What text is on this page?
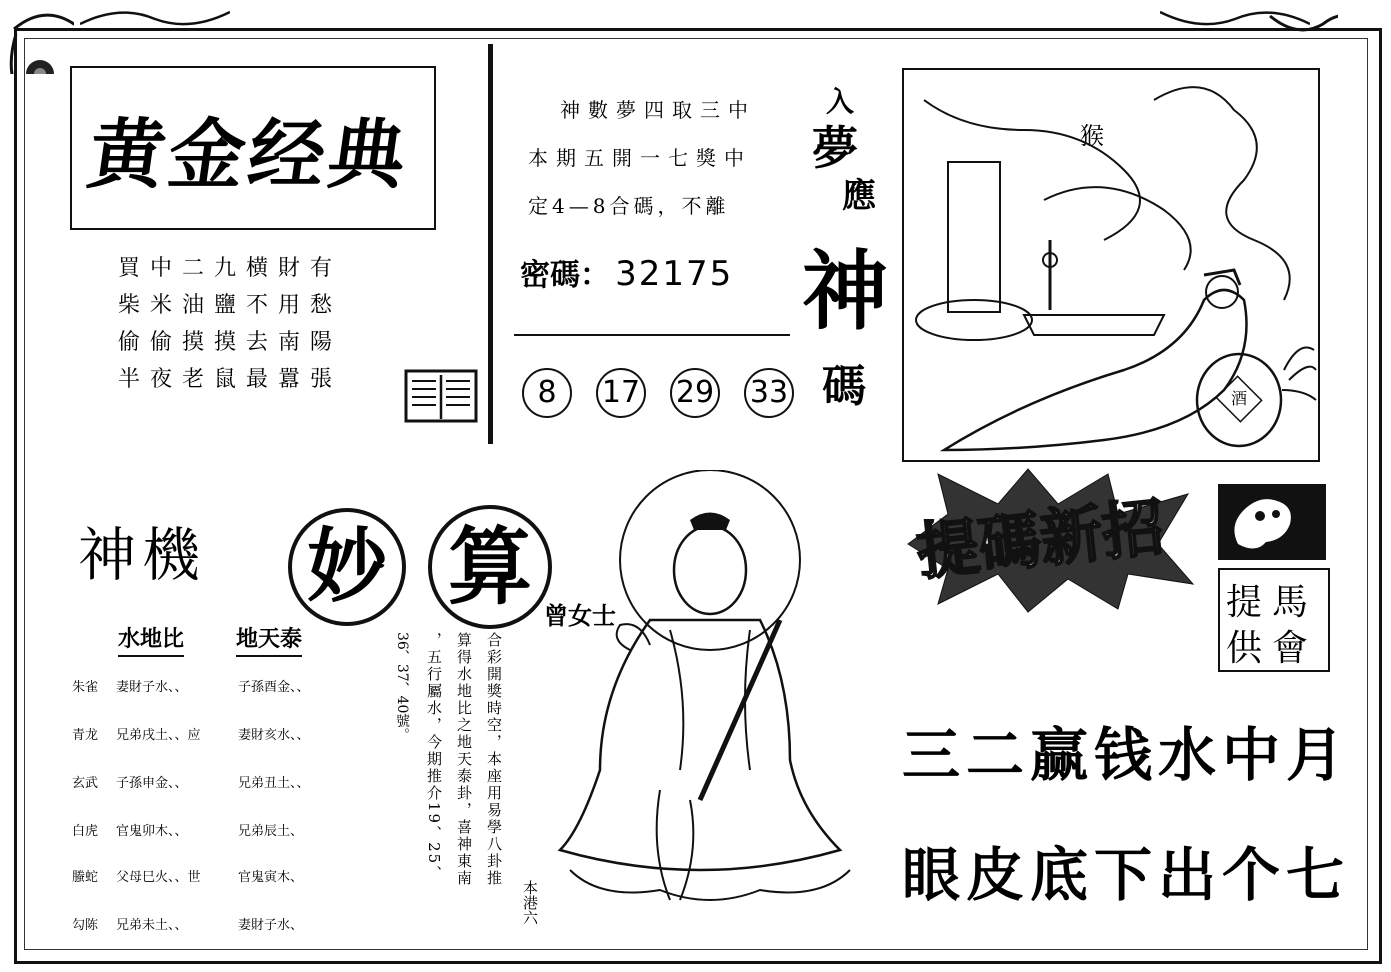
黄金经典
買中二九横財有
柴米油鹽不用愁
偷偷摸摸去南陽
半夜老鼠最囂張
神數夢四取三中
本期五開一七獎中
定4—8合碼，不離
密碼： 32175
8	17 29 33
入
夢
應
神
碼
猴
酒
神機 妙 算 曾女士
水地比 地天泰
朱雀 妻財子水、、	子孫酉金、、
青龙 兄弟戌土、、应	妻財亥水、、
玄武 子孫申金、、	兄弟丑土、、
白虎 官鬼卯木、、	兄弟辰土、
螣蛇 父母巳火、、世	官鬼寅木、
勾陈 兄弟未土、、	妻財子水、
本港六
合彩開獎時空，本座用易學八卦推
算得水地比之地天泰卦，喜神東南
，五行屬水，今期推介19、25、
36、37、40號。
提碼新招
馬
會
提
供
三二赢钱水中月
眼皮底下出个七
